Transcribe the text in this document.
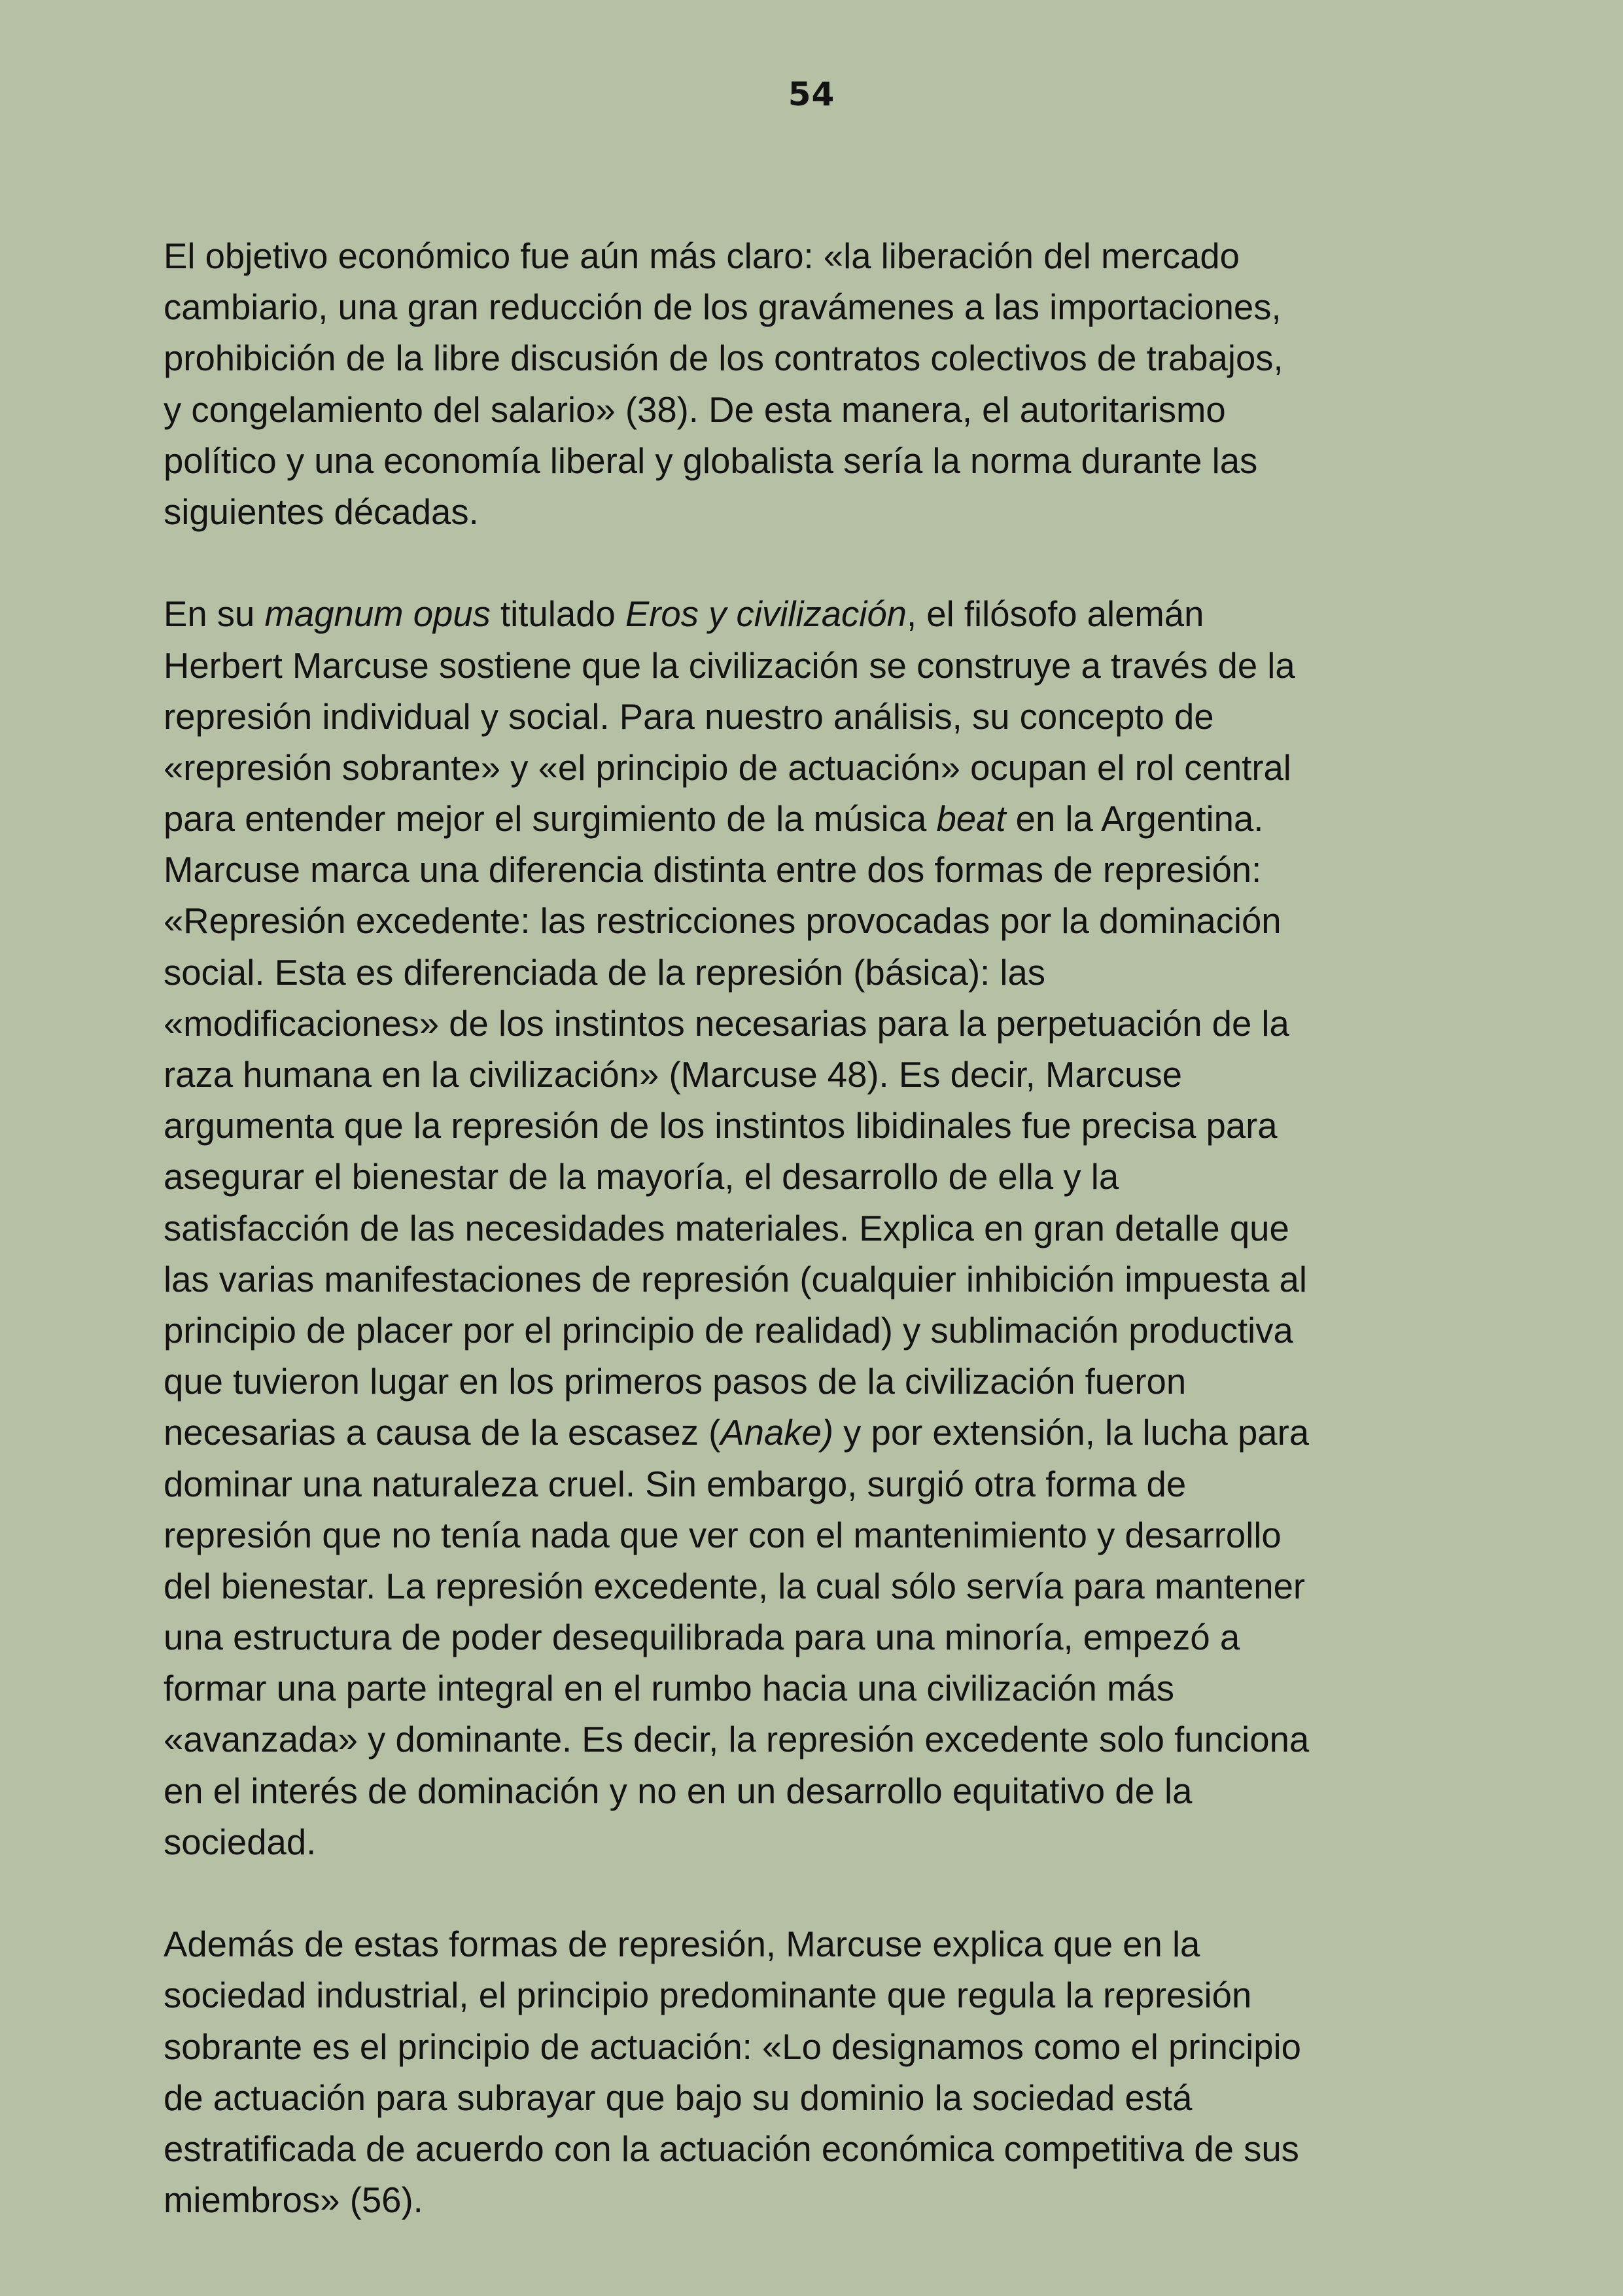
54
El objetivo económico fue aún más claro: «la liberación del mercado
cambiario, una gran reducción de los gravámenes a las importaciones,
prohibición de la libre discusión de los contratos colectivos de trabajos,
y congelamiento del salario» (38). De esta manera, el autoritarismo
político y una economía liberal y globalista sería la norma durante las
siguientes décadas.
En su magnum opus titulado Eros y civilización, el filósofo alemán
Herbert Marcuse sostiene que la civilización se construye a través de la
represión individual y social. Para nuestro análisis, su concepto de
«represión sobrante» y «el principio de actuación» ocupan el rol central
para entender mejor el surgimiento de la música beat en la Argentina.
Marcuse marca una diferencia distinta entre dos formas de represión:
«Represión excedente: las restricciones provocadas por la dominación
social. Esta es diferenciada de la represión (básica): las
«modificaciones» de los instintos necesarias para la perpetuación de la
raza humana en la civilización» (Marcuse 48). Es decir, Marcuse
argumenta que la represión de los instintos libidinales fue precisa para
asegurar el bienestar de la mayoría, el desarrollo de ella y la
satisfacción de las necesidades materiales. Explica en gran detalle que
las varias manifestaciones de represión (cualquier inhibición impuesta al
principio de placer por el principio de realidad) y sublimación productiva
que tuvieron lugar en los primeros pasos de la civilización fueron
necesarias a causa de la escasez (Anake) y por extensión, la lucha para
dominar una naturaleza cruel. Sin embargo, surgió otra forma de
represión que no tenía nada que ver con el mantenimiento y desarrollo
del bienestar. La represión excedente, la cual sólo servía para mantener
una estructura de poder desequilibrada para una minoría, empezó a
formar una parte integral en el rumbo hacia una civilización más
«avanzada» y dominante. Es decir, la represión excedente solo funciona
en el interés de dominación y no en un desarrollo equitativo de la
sociedad.
Además de estas formas de represión, Marcuse explica que en la
sociedad industrial, el principio predominante que regula la represión
sobrante es el principio de actuación: «Lo designamos como el principio
de actuación para subrayar que bajo su dominio la sociedad está
estratificada de acuerdo con la actuación económica competitiva de sus
miembros» (56).
